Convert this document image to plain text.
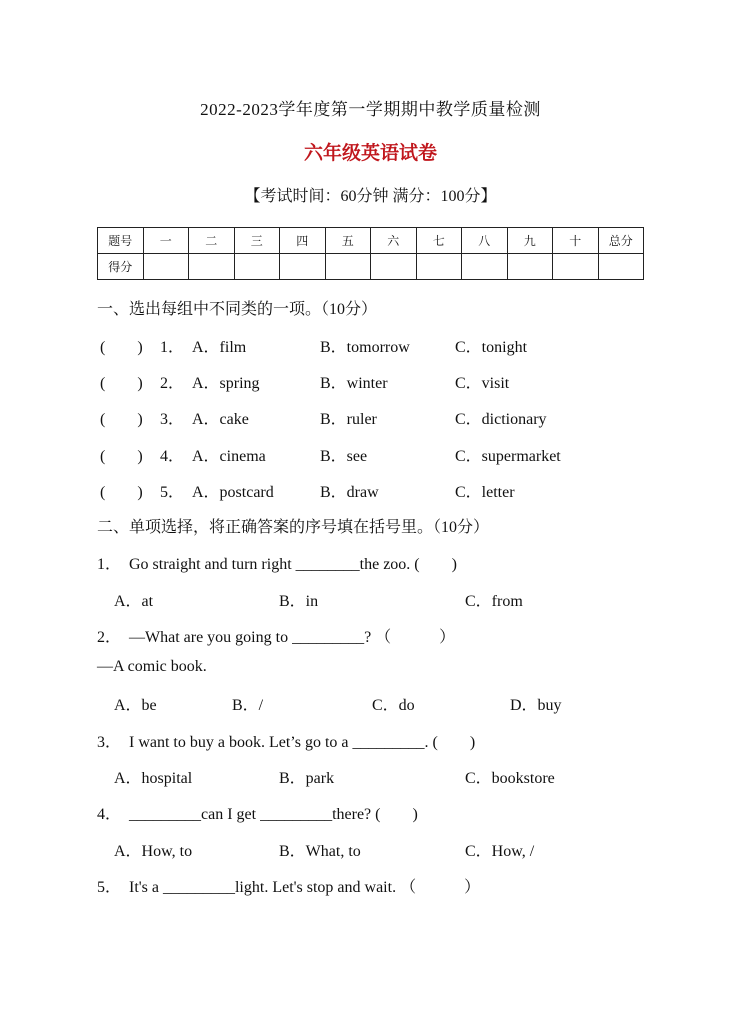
2022-2023学年度第一学期期中教学质量检测
六年级英语试卷
【考试时间：60分钟 满分：100分】
题号	一	二	三	四	五	六	七	八	九	十	总分
得分											
一、选出每组中不同类的一项。（10分）
(　　) 1． A．film	B．tomorrow	C．tonight
(　　) 2． A．spring	B．winter	C．visit
(　　) 3． A．cake	B．ruler	C．dictionary
(　　) 4． A．cinema	B．see	C．supermarket
(　　) 5． A．postcard	B．draw	C．letter
二、单项选择，将正确答案的序号填在括号里。（10分）
1．　Go straight and turn right ________the zoo. (　　)
A．at	B．in	C．from
2．　—What are you going to _________? （　　　）
—A comic book.
A．be	B．/	C．do	D．buy
3．　I want to buy a book. Let’s go to a _________. (　　)
A．hospital	B．park	C．bookstore
4．　_________can I get _________there? (　　)
A．How, to	B．What, to	C．How, /
5．　It's a _________light. Let's stop and wait. （　　　）
